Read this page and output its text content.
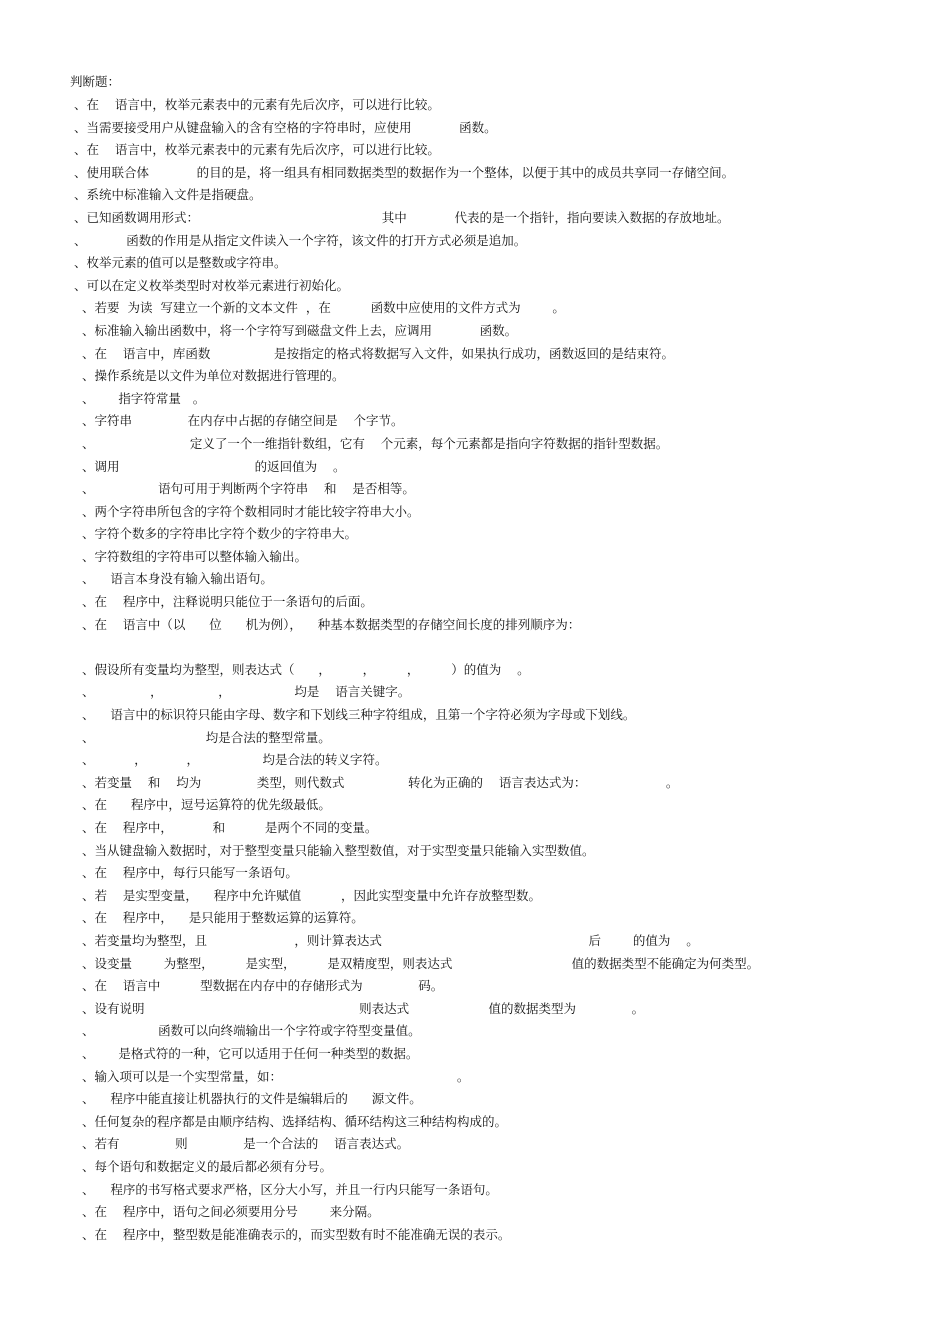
判断题：
、在    语言中，枚举元素表中的元素有先后次序，可以进行比较。
、当需要接受用户从键盘输入的含有空格的字符串时，应使用            函数。
、在    语言中，枚举元素表中的元素有先后次序，可以进行比较。
、使用联合体            的目的是，将一组具有相同数据类型的数据作为一个整体，以便于其中的成员共享同一存储空间。
、系统中标准输入文件是指硬盘。
、已知函数调用形式：                                              其中            代表的是一个指针，指向要读入数据的存放地址。
、          函数的作用是从指定文件读入一个字符，该文件的打开方式必须是追加。
、枚举元素的值可以是整数或字符串。
、可以在定义枚举类型时对枚举元素进行初始化。
、若要  为读  写建立一个新的文本文件  ，在          函数中应使用的文件方式为        。
、标准输入输出函数中，将一个字符写到磁盘文件上去，应调用            函数。
、在    语言中，库函数                是按指定的格式将数据写入文件，如果执行成功，函数返回的是结束符。
、操作系统是以文件为单位对数据进行管理的。
、      指字符常量   。
、字符串              在内存中占据的存储空间是    个字节。
、                        定义了一个一维指针数组，它有    个元素，每个元素都是指向字符数据的指针型数据。
、调用                                  的返回值为    。
、                语句可用于判断两个字符串    和    是否相等。
、两个字符串所包含的字符个数相同时才能比较字符串大小。
、字符个数多的字符串比字符个数少的字符串大。
、字符数组的字符串可以整体输入输出。
、    语言本身没有输入输出语句。
、在    程序中，注释说明只能位于一条语句的后面。
、在    语言中（以      位      机为例），    种基本数据类型的存储空间长度的排列顺序为：
、假设所有变量均为整型，则表达式（      ，        ，        ，        ）的值为    。
、              ，              ，                均是    语言关键字。
、    语言中的标识符只能由字母、数字和下划线三种字符组成，且第一个字符必须为字母或下划线。
、                            均是合法的整型常量。
、          ，          ，                均是合法的转义字符。
、若变量    和    均为              类型，则代数式                转化为正确的    语言表达式为：                    。
、在      程序中，逗号运算符的优先级最低。
、在    程序中，          和          是两个不同的变量。
、当从键盘输入数据时，对于整型变量只能输入整型数值，对于实型变量只能输入实型数值。
、在    程序中，每行只能写一条语句。
、若    是实型变量，    程序中允许赋值          ，因此实型变量中允许存放整型数。
、在    程序中，    是只能用于整数运算的运算符。
、若变量均为整型，且                      ，则计算表达式                                                    后        的值为    。
、设变量        为整型，        是实型，        是双精度型，则表达式                              值的数据类型不能确定为何类型。
、在    语言中          型数据在内存中的存储形式为              码。
、设有说明                                                      则表达式                    值的数据类型为              。
、                函数可以向终端输出一个字符或字符型变量值。
、      是格式符的一种，它可以适用于任何一种类型的数据。
、输入项可以是一个实型常量，如：                                            。
、    程序中能直接让机器执行的文件是编辑后的      源文件。
、任何复杂的程序都是由顺序结构、选择结构、循环结构这三种结构构成的。
、若有              则              是一个合法的    语言表达式。
、每个语句和数据定义的最后都必须有分号。
、    程序的书写格式要求严格，区分大小写，并且一行内只能写一条语句。
、在    程序中，语句之间必须要用分号        来分隔。
、在    程序中，整型数是能准确表示的，而实型数有时不能准确无误的表示。
